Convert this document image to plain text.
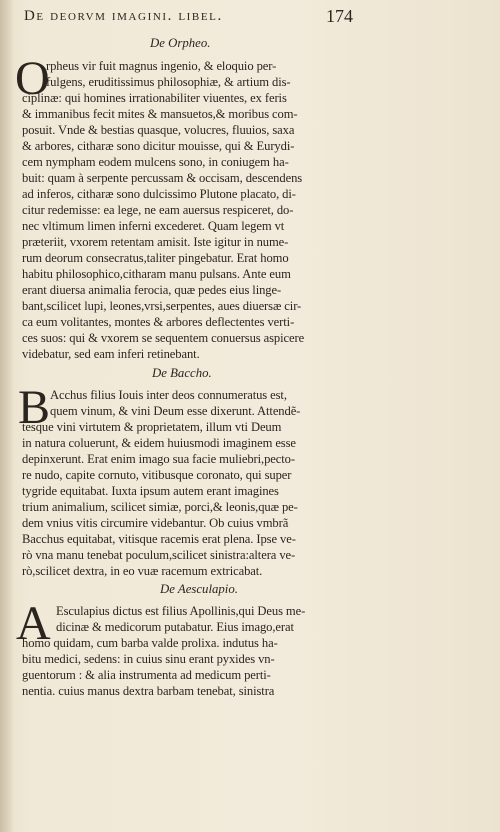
De deorvm imagini. libel.	174
De Orpheo.
O
rpheus vir fuit magnus ingenio, & eloquio per-
fulgens, eruditissimus philosophiæ, & artium dis-
ciplinæ: qui homines irrationabiliter viuentes, ex feris
& immanibus fecit mites & mansuetos,& moribus com-
posuit. Vnde & bestias quasque, volucres, fluuios, saxa
& arbores, citharæ sono dicitur mouisse, qui & Eurydi-
cem nympham eodem mulcens sono, in coniugem ha-
buit: quam à serpente percussam & occisam, descendens
ad inferos, citharæ sono dulcissimo Plutone placato, di-
citur redemisse: ea lege, ne eam auersus respiceret, do-
nec vltimum limen inferni excederet. Quam legem vt
præteriit, vxorem retentam amisit. Iste igitur in nume-
rum deorum consecratus,taliter pingebatur. Erat homo
habitu philosophico,citharam manu pulsans. Ante eum
erant diuersa animalia ferocia, quæ pedes eius linge-
bant,scilicet lupi, leones,vrsi,serpentes, aues diuersæ cir-
ca eum volitantes, montes & arbores deflectentes verti-
ces suos: qui & vxorem se sequentem conuersus aspicere
videbatur, sed eam inferi retinebant.
De Baccho.
B Acchus filius Iouis inter deos connumeratus est,
quem vinum, & vini Deum esse dixerunt. Attendẽ-
tesque vini virtutem & proprietatem, illum vti Deum
in natura coluerunt, & eidem huiusmodi imaginem esse
depinxerunt. Erat enim imago sua facie muliebri,pecto-
re nudo, capite cornuto, vitibusque coronato, qui super
tygride equitabat. Iuxta ipsum autem erant imagines
trium animalium, scilicet simiæ, porci,& leonis,quæ pe-
dem vnius vitis circumire videbantur. Ob cuius vmbrã
Bacchus equitabat, vitisque racemis erat plena. Ipse ve-
rò vna manu tenebat poculum,scilicet sinistra:altera ve-
rò,scilicet dextra, in eo vuæ racemum extricabat.
De Aesculapio.
A Esculapius dictus est filius Apollinis,qui Deus me-
dicinæ & medicorum putabatur. Eius imago,erat
homo quidam, cum barba valde prolixa. indutus ha-
bitu medici, sedens: in cuius sinu erant pyxides vn-
guentorum : & alia instrumenta ad medicum perti-
nentia. cuius manus dextra barbam tenebat, sinistra
